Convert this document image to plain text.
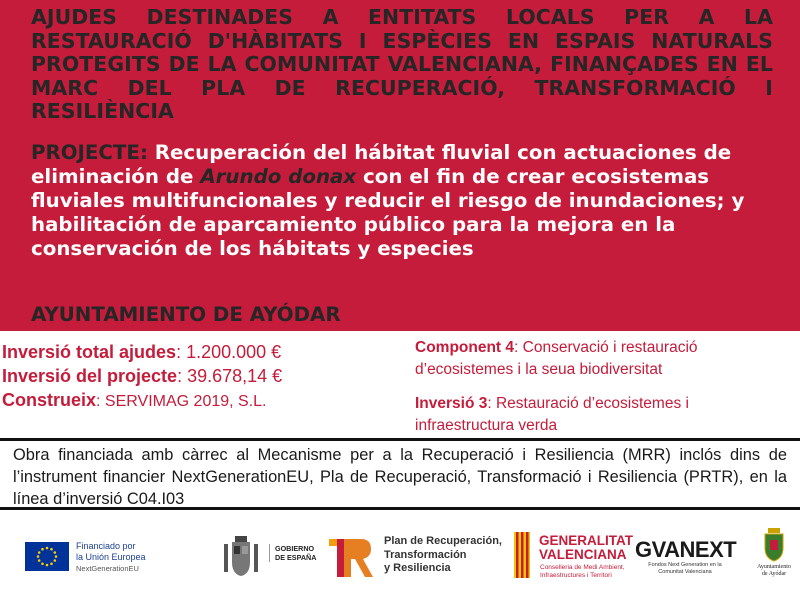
AJUDES DESTINADES A ENTITATS LOCALS PER A LA RESTAURACIÓ D'HÀBITATS I ESPÈCIES EN ESPAIS NATURALS PROTEGITS DE LA COMUNITAT VALENCIANA, FINANÇADES EN EL MARC DEL PLA DE RECUPERACIÓ, TRANSFORMACIÓ I RESILIÈNCIA
PROJECTE: Recuperación del hábitat fluvial con actuaciones de eliminación de Arundo donax con el fin de crear ecosistemas fluviales multifuncionales y reducir el riesgo de inundaciones; y habilitación de aparcamiento público para la mejora en la conservación de los hábitats y especies
AYUNTAMIENTO DE AYÓDAR
Inversió total ajudes: 1.200.000 €
Inversió del projecte: 39.678,14 €
Construeix: SERVIMAG 2019, S.L.
Component 4: Conservació i restauració d’ecosistemes i la seua biodiversitat
Inversió 3: Restauració d’ecosistemes i infraestructura verda
Obra financiada amb càrrec al Mecanisme per a la Recuperació i Resiliencia (MRR) inclós dins de l’instrument financier NextGenerationEU, Pla de Recuperació, Transformació i Resiliencia (PRTR), en la línea d’inversió C04.I03
Financiado por
la Unión Europea
NextGenerationEU
GOBIERNO
DE ESPAÑA
Plan de Recuperación,
Transformación
y Resiliencia
GENERALITAT
VALENCIANA
Conselleria de Medi Ambient,
Infraestructures i Territori
GVANEXT
Fondos Next Generation en la Comunitat Valenciana
Ayuntamiento
de Ayódar
